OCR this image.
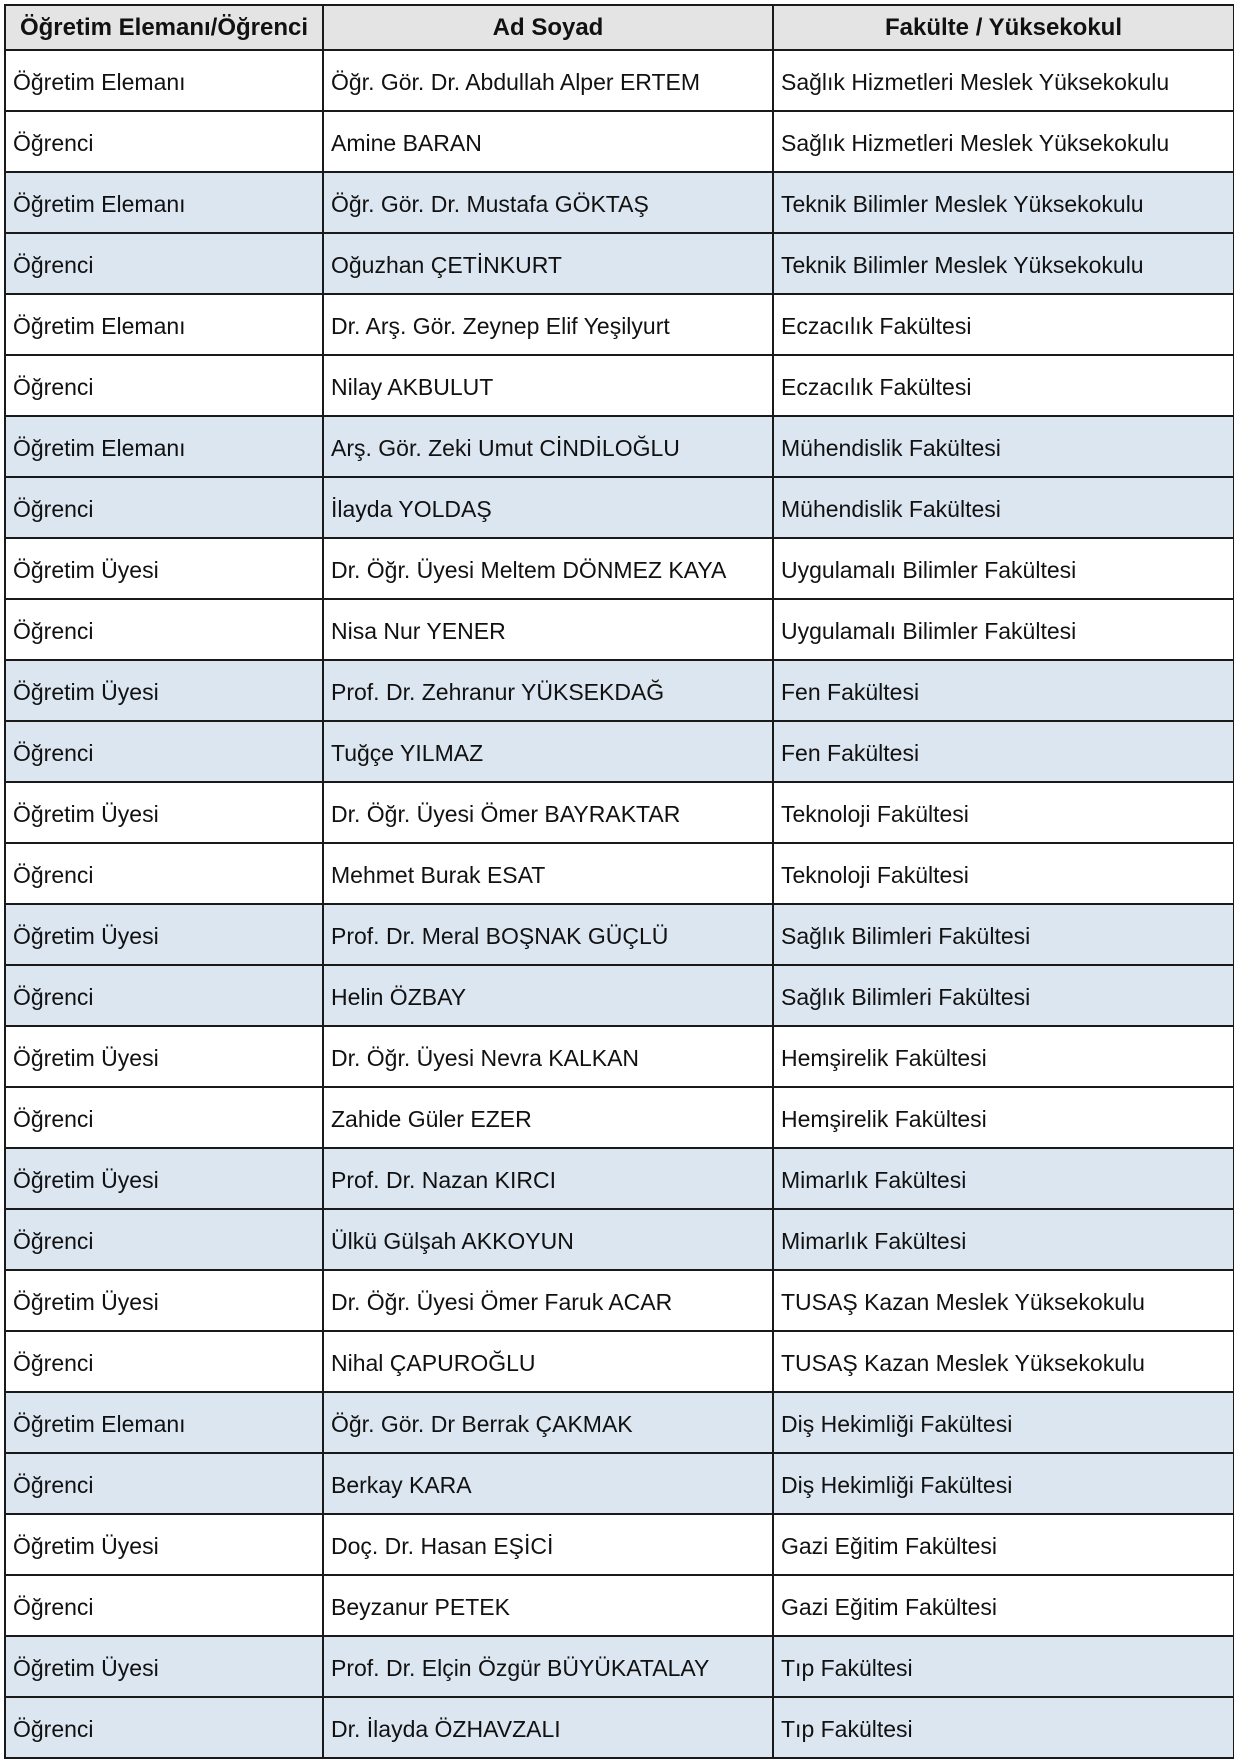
Öğretim Elemanı/Öğrenci	Ad Soyad	Fakülte / Yüksekokul
Öğretim Elemanı	Öğr. Gör. Dr. Abdullah Alper ERTEM	Sağlık Hizmetleri Meslek Yüksekokulu
Öğrenci	Amine BARAN	Sağlık Hizmetleri Meslek Yüksekokulu
Öğretim Elemanı	Öğr. Gör. Dr. Mustafa GÖKTAŞ	Teknik Bilimler Meslek Yüksekokulu
Öğrenci	Oğuzhan ÇETİNKURT	Teknik Bilimler Meslek Yüksekokulu
Öğretim Elemanı	Dr. Arş. Gör. Zeynep Elif Yeşilyurt	Eczacılık Fakültesi
Öğrenci	Nilay AKBULUT	Eczacılık Fakültesi
Öğretim Elemanı	Arş. Gör. Zeki Umut CİNDİLOĞLU	Mühendislik Fakültesi
Öğrenci	İlayda YOLDAŞ	Mühendislik Fakültesi
Öğretim Üyesi	Dr. Öğr. Üyesi Meltem DÖNMEZ KAYA	Uygulamalı Bilimler Fakültesi
Öğrenci	Nisa Nur YENER	Uygulamalı Bilimler Fakültesi
Öğretim Üyesi	Prof. Dr. Zehranur YÜKSEKDAĞ	Fen Fakültesi
Öğrenci	Tuğçe YILMAZ	Fen Fakültesi
Öğretim Üyesi	Dr. Öğr. Üyesi Ömer BAYRAKTAR	Teknoloji Fakültesi
Öğrenci	Mehmet Burak ESAT	Teknoloji Fakültesi
Öğretim Üyesi	Prof. Dr. Meral BOŞNAK GÜÇLÜ	Sağlık Bilimleri Fakültesi
Öğrenci	Helin ÖZBAY	Sağlık Bilimleri Fakültesi
Öğretim Üyesi	Dr. Öğr. Üyesi Nevra KALKAN	Hemşirelik Fakültesi
Öğrenci	Zahide Güler EZER	Hemşirelik Fakültesi
Öğretim Üyesi	Prof. Dr. Nazan KIRCI	Mimarlık Fakültesi
Öğrenci	Ülkü Gülşah AKKOYUN	Mimarlık Fakültesi
Öğretim Üyesi	Dr. Öğr. Üyesi Ömer Faruk ACAR	TUSAŞ Kazan Meslek Yüksekokulu
Öğrenci	Nihal ÇAPUROĞLU	TUSAŞ Kazan Meslek Yüksekokulu
Öğretim Elemanı	Öğr. Gör. Dr Berrak ÇAKMAK	Diş Hekimliği Fakültesi
Öğrenci	Berkay KARA	Diş Hekimliği Fakültesi
Öğretim Üyesi	Doç. Dr. Hasan EŞİCİ	Gazi Eğitim Fakültesi
Öğrenci	Beyzanur PETEK	Gazi Eğitim Fakültesi
Öğretim Üyesi	Prof. Dr. Elçin Özgür BÜYÜKATALAY	Tıp Fakültesi
Öğrenci	Dr. İlayda ÖZHAVZALI	Tıp Fakültesi
